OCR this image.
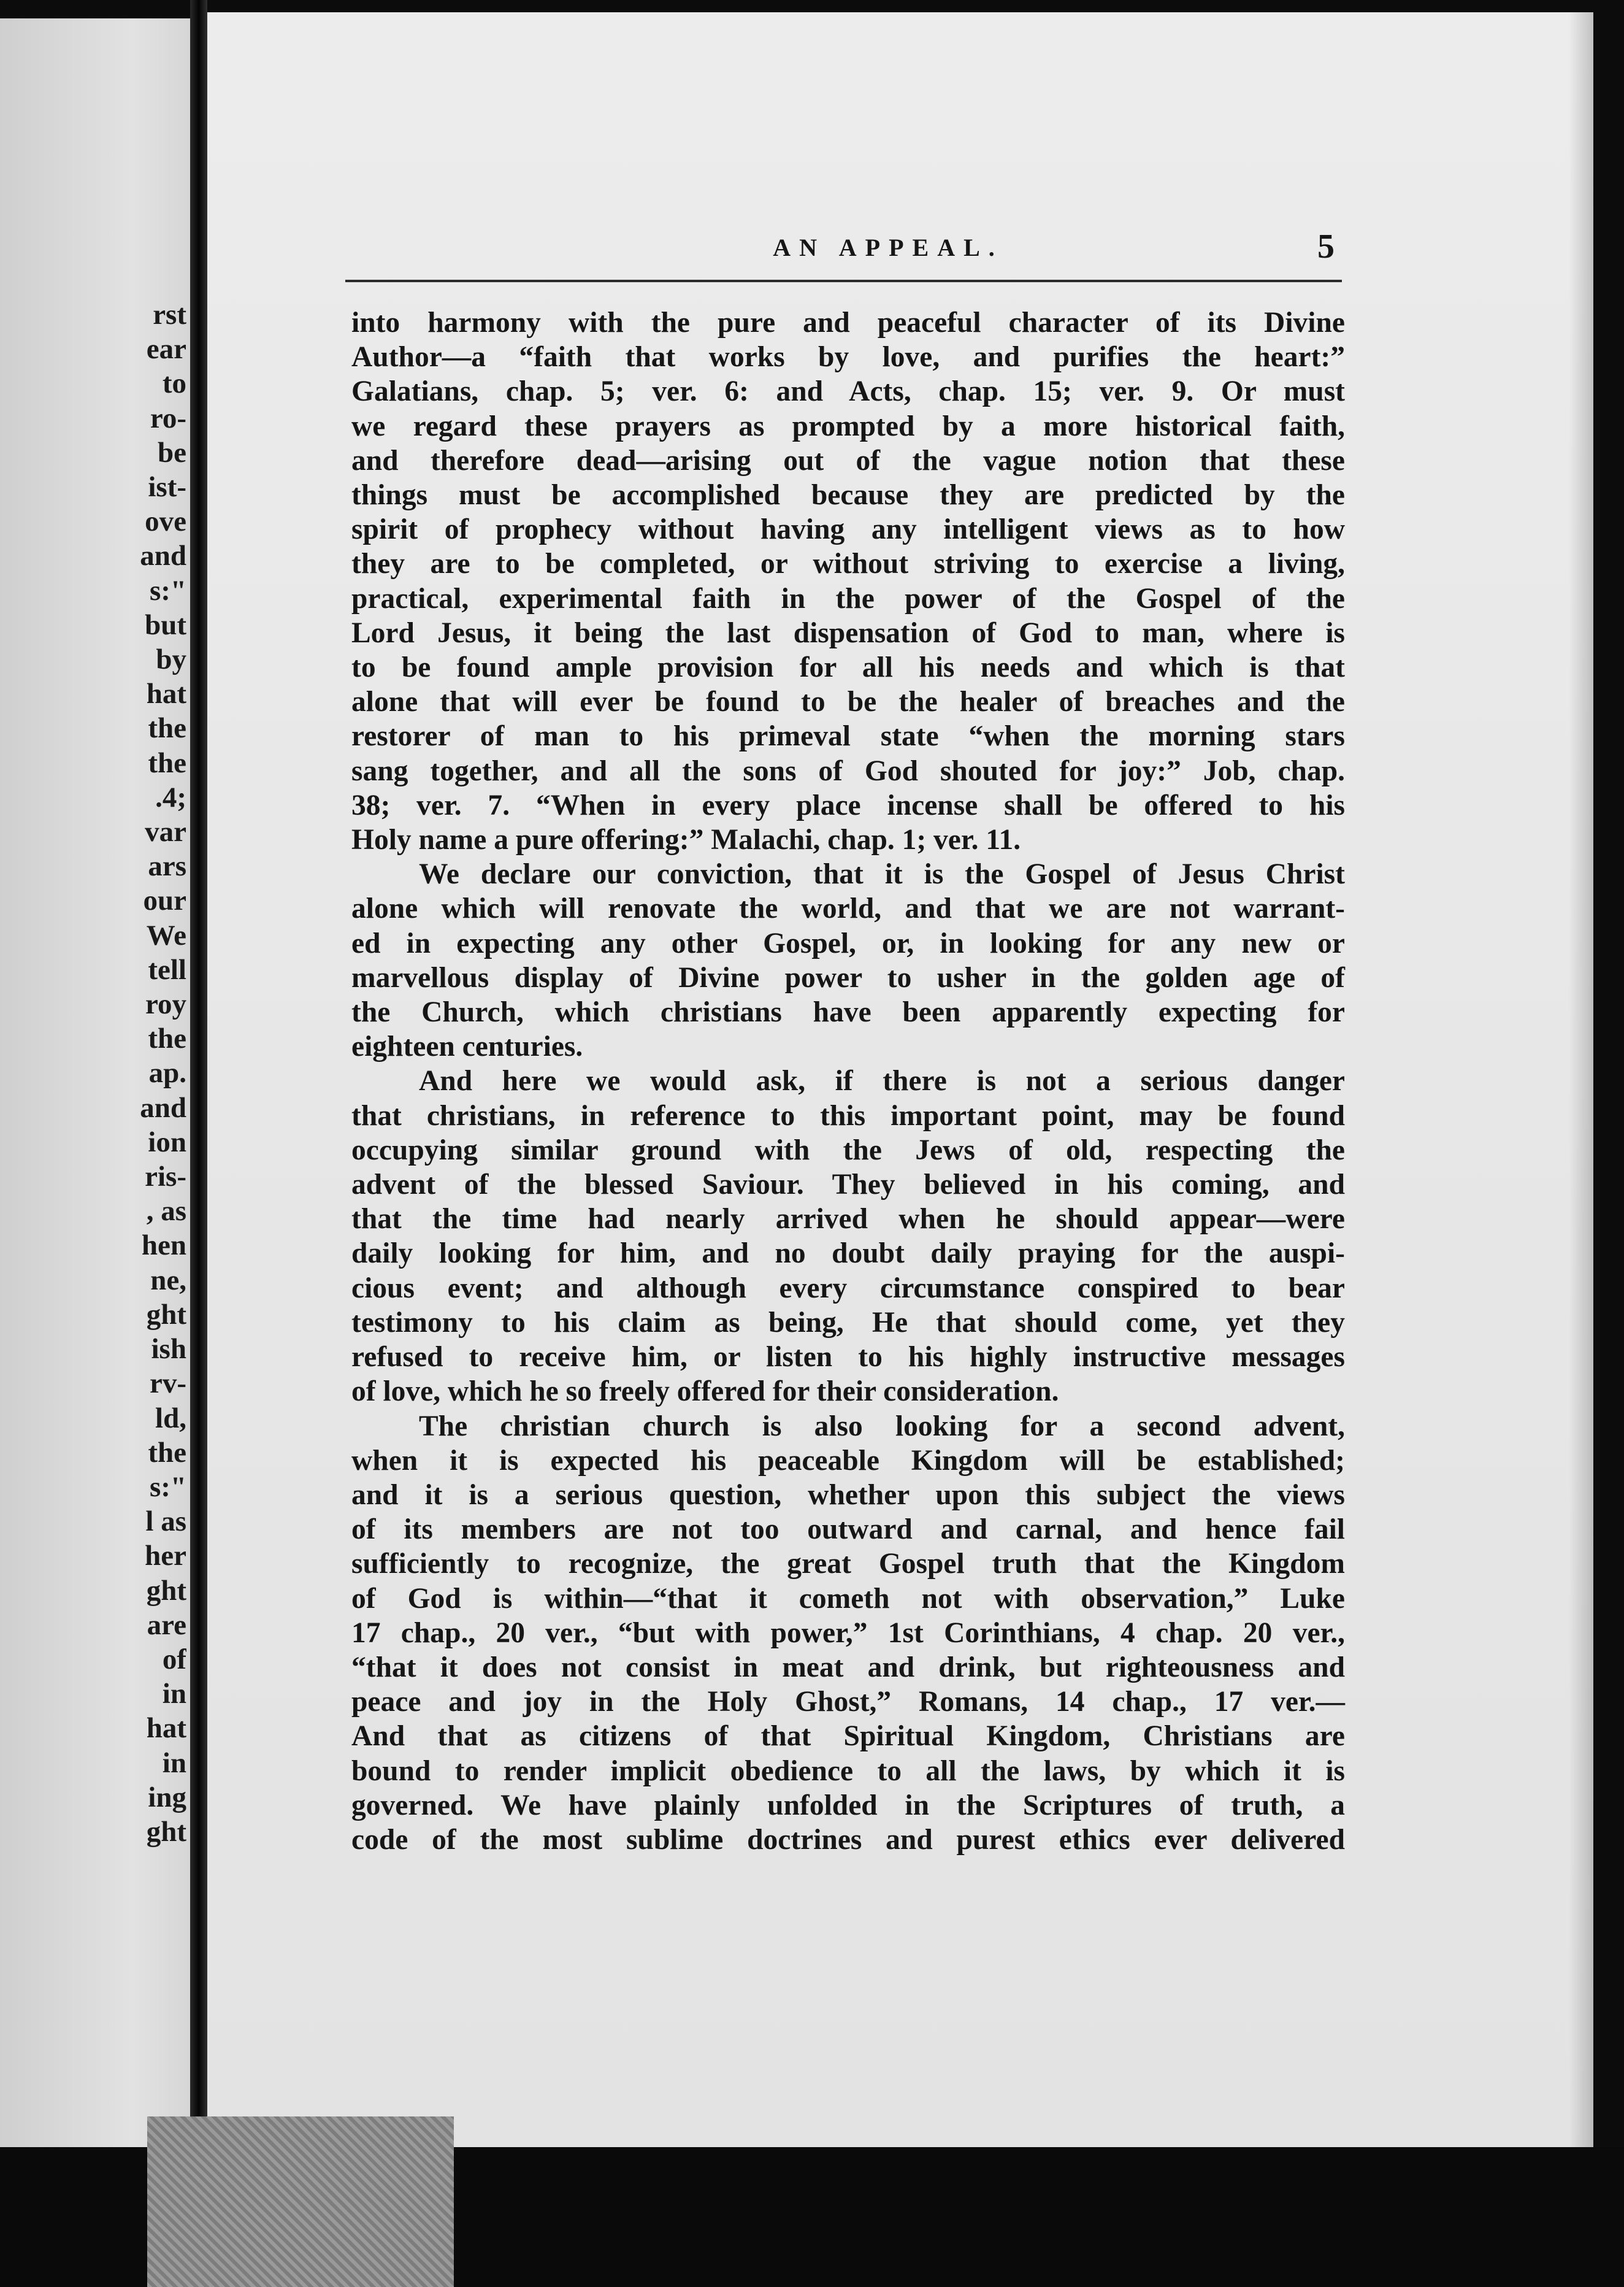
rst
ear
to
ro-
be
ist-
ove
and
s:"
but
by
hat
the
the
.4;
var
ars
our
We
tell
roy
the
ap.
and
ion
ris-
, as
hen
ne,
ght
ish
rv-
ld,
the
s:"
l as
her
ght
are
of
in
hat
in
ing
ght
AN APPEAL.	5
into harmony with the pure and peaceful character of its Divine
Author—a “faith that works by love, and purifies the heart:”
Galatians, chap. 5; ver. 6: and Acts, chap. 15; ver. 9. Or must
we regard these prayers as prompted by a more historical faith,
and therefore dead—arising out of the vague notion that these
things must be accomplished because they are predicted by the
spirit of prophecy without having any intelligent views as to how
they are to be completed, or without striving to exercise a living,
practical, experimental faith in the power of the Gospel of the
Lord Jesus, it being the last dispensation of God to man, where is
to be found ample provision for all his needs and which is that
alone that will ever be found to be the healer of breaches and the
restorer of man to his primeval state “when the morning stars
sang together, and all the sons of God shouted for joy:” Job, chap.
38; ver. 7. “When in every place incense shall be offered to his
Holy name a pure offering:” Malachi, chap. 1; ver. 11.
We declare our conviction, that it is the Gospel of Jesus Christ
alone which will renovate the world, and that we are not warrant-
ed in expecting any other Gospel, or, in looking for any new or
marvellous display of Divine power to usher in the golden age of
the Church, which christians have been apparently expecting for
eighteen centuries.
And here we would ask, if there is not a serious danger
that christians, in reference to this important point, may be found
occupying similar ground with the Jews of old, respecting the
advent of the blessed Saviour. They believed in his coming, and
that the time had nearly arrived when he should appear—were
daily looking for him, and no doubt daily praying for the auspi-
cious event; and although every circumstance conspired to bear
testimony to his claim as being, He that should come, yet they
refused to receive him, or listen to his highly instructive messages
of love, which he so freely offered for their consideration.
The christian church is also looking for a second advent,
when it is expected his peaceable Kingdom will be established;
and it is a serious question, whether upon this subject the views
of its members are not too outward and carnal, and hence fail
sufficiently to recognize, the great Gospel truth that the Kingdom
of God is within—“that it cometh not with observation,” Luke
17 chap., 20 ver., “but with power,” 1st Corinthians, 4 chap. 20 ver.,
“that it does not consist in meat and drink, but righteousness and
peace and joy in the Holy Ghost,” Romans, 14 chap., 17 ver.—
And that as citizens of that Spiritual Kingdom, Christians are
bound to render implicit obedience to all the laws, by which it is
governed. We have plainly unfolded in the Scriptures of truth, a
code of the most sublime doctrines and purest ethics ever delivered
